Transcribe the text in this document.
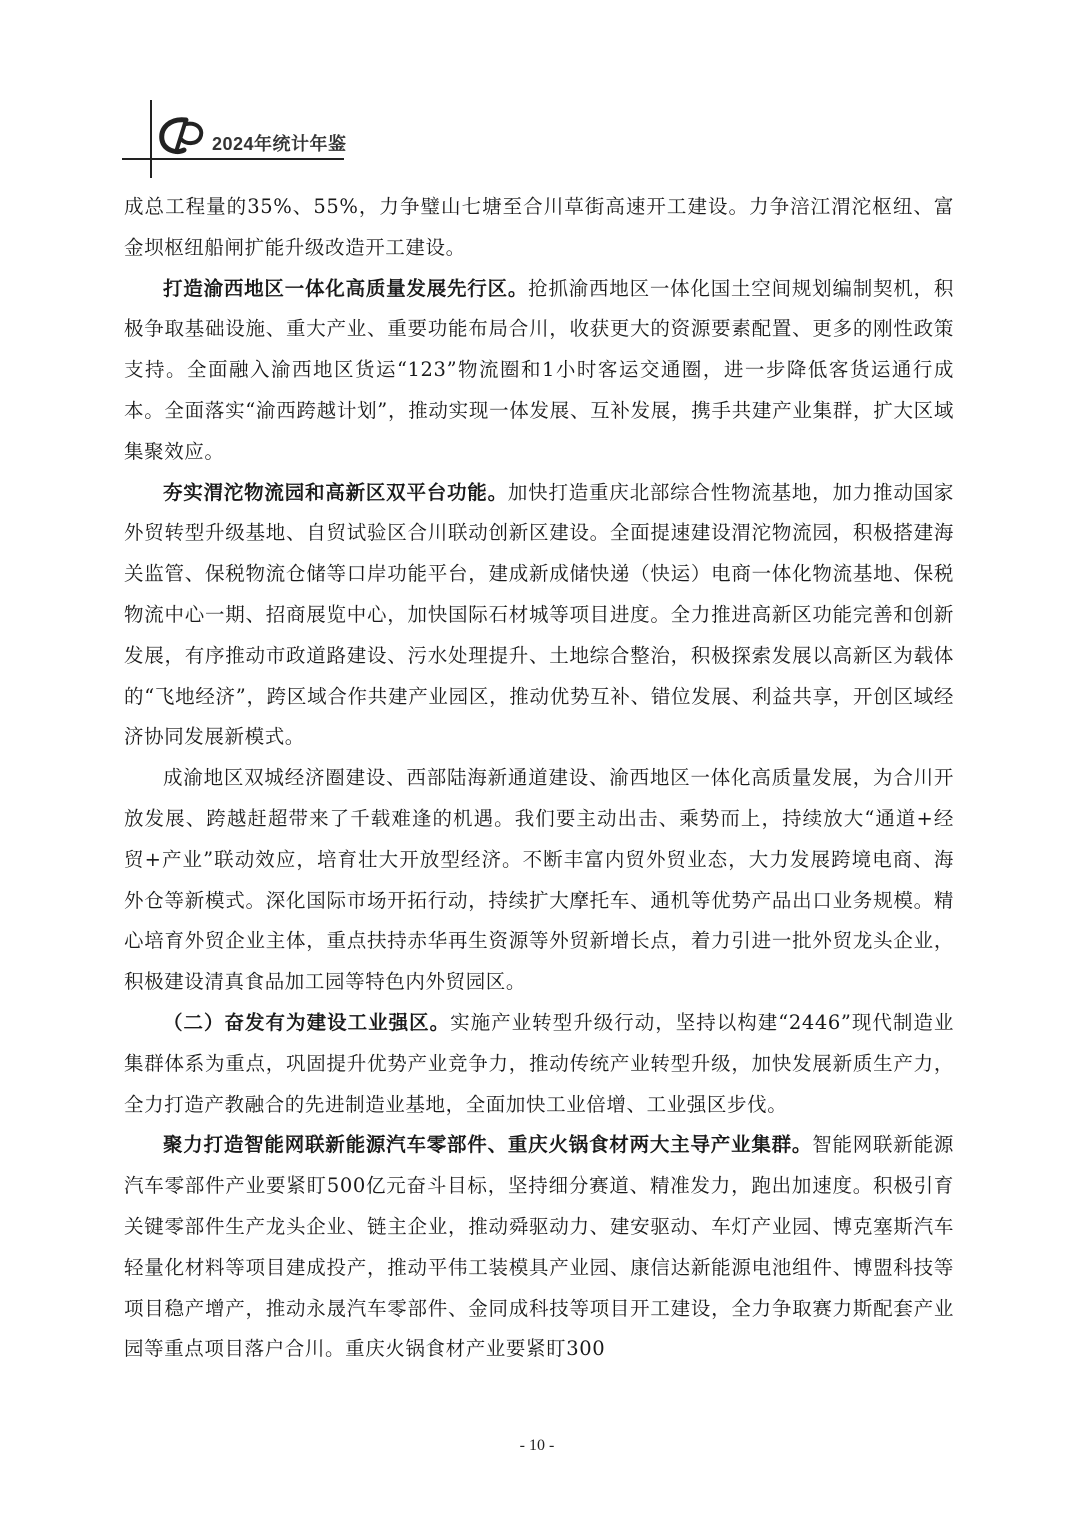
2024年统计年鉴

成总工程量的35%、55%，力争璧山七塘至合川草街高速开工建设。力争涪江渭沱枢纽、富金坝枢纽船闸扩能升级改造开工建设。

打造渝西地区一体化高质量发展先行区。抢抓渝西地区一体化国土空间规划编制契机，积极争取基础设施、重大产业、重要功能布局合川，收获更大的资源要素配置、更多的刚性政策支持。全面融入渝西地区货运“123”物流圈和1小时客运交通圈，进一步降低客货运通行成本。全面落实“渝西跨越计划”，推动实现一体发展、互补发展，携手共建产业集群，扩大区域集聚效应。

夯实渭沱物流园和高新区双平台功能。加快打造重庆北部综合性物流基地，加力推动国家外贸转型升级基地、自贸试验区合川联动创新区建设。全面提速建设渭沱物流园，积极搭建海关监管、保税物流仓储等口岸功能平台，建成新成储快递（快运）电商一体化物流基地、保税物流中心一期、招商展览中心，加快国际石材城等项目进度。全力推进高新区功能完善和创新发展，有序推动市政道路建设、污水处理提升、土地综合整治，积极探索发展以高新区为载体的“飞地经济”，跨区域合作共建产业园区，推动优势互补、错位发展、利益共享，开创区域经济协同发展新模式。

成渝地区双城经济圈建设、西部陆海新通道建设、渝西地区一体化高质量发展，为合川开放发展、跨越赶超带来了千载难逢的机遇。我们要主动出击、乘势而上，持续放大“通道+经贸+产业”联动效应，培育壮大开放型经济。不断丰富内贸外贸业态，大力发展跨境电商、海外仓等新模式。深化国际市场开拓行动，持续扩大摩托车、通机等优势产品出口业务规模。精心培育外贸企业主体，重点扶持赤华再生资源等外贸新增长点，着力引进一批外贸龙头企业，积极建设清真食品加工园等特色内外贸园区。

（二）奋发有为建设工业强区。实施产业转型升级行动，坚持以构建“2446”现代制造业集群体系为重点，巩固提升优势产业竞争力，推动传统产业转型升级，加快发展新质生产力，全力打造产教融合的先进制造业基地，全面加快工业倍增、工业强区步伐。

聚力打造智能网联新能源汽车零部件、重庆火锅食材两大主导产业集群。智能网联新能源汽车零部件产业要紧盯500亿元奋斗目标，坚持细分赛道、精准发力，跑出加速度。积极引育关键零部件生产龙头企业、链主企业，推动舜驱动力、建安驱动、车灯产业园、博克塞斯汽车轻量化材料等项目建成投产，推动平伟工装模具产业园、康信达新能源电池组件、博盟科技等项目稳产增产，推动永晟汽车零部件、金同成科技等项目开工建设，全力争取赛力斯配套产业园等重点项目落户合川。重庆火锅食材产业要紧盯300

- 10 -
